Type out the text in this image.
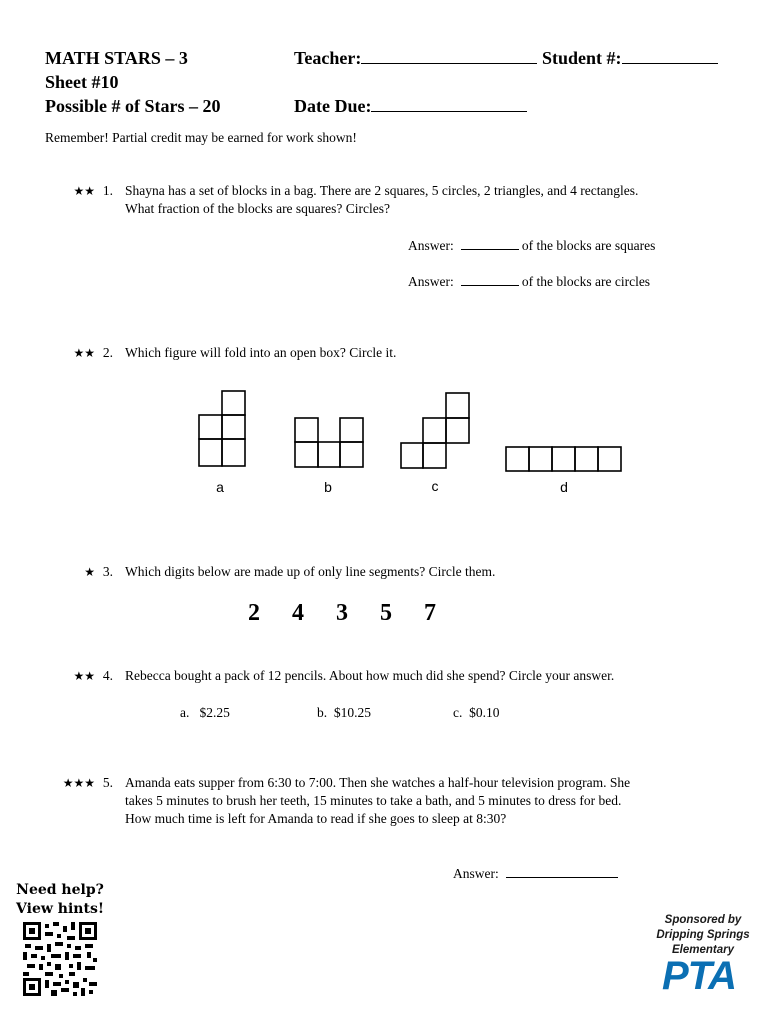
MATH STARS – 3
Sheet #10
Possible # of Stars – 20
Teacher:	Student #:
Date Due:
Remember! Partial credit may be earned for work shown!
★★ 1. Shayna has a set of blocks in a bag. There are 2 squares, 5 circles, 2 triangles, and 4 rectangles.
What fraction of the blocks are squares? Circles?
Answer:	of the blocks are squares
Answer:	of the blocks are circles
★★ 2. Which figure will fold into an open box? Circle it.
a	b	c	d
★ 3. Which digits below are made up of only line segments? Circle them.
2  4  3  5  7
★★ 4. Rebecca bought a pack of 12 pencils. About how much did she spend? Circle your answer.
a. $2.25	b. $10.25	c. $0.10
★★★ 5. Amanda eats supper from 6:30 to 7:00. Then she watches a half-hour television program. She
takes 5 minutes to brush her teeth, 15 minutes to take a bath, and 5 minutes to dress for bed.
How much time is left for Amanda to read if she goes to sleep at 8:30?
Answer:
Need help?
View hints!
Sponsored by
Dripping Springs
Elementary
PTA
